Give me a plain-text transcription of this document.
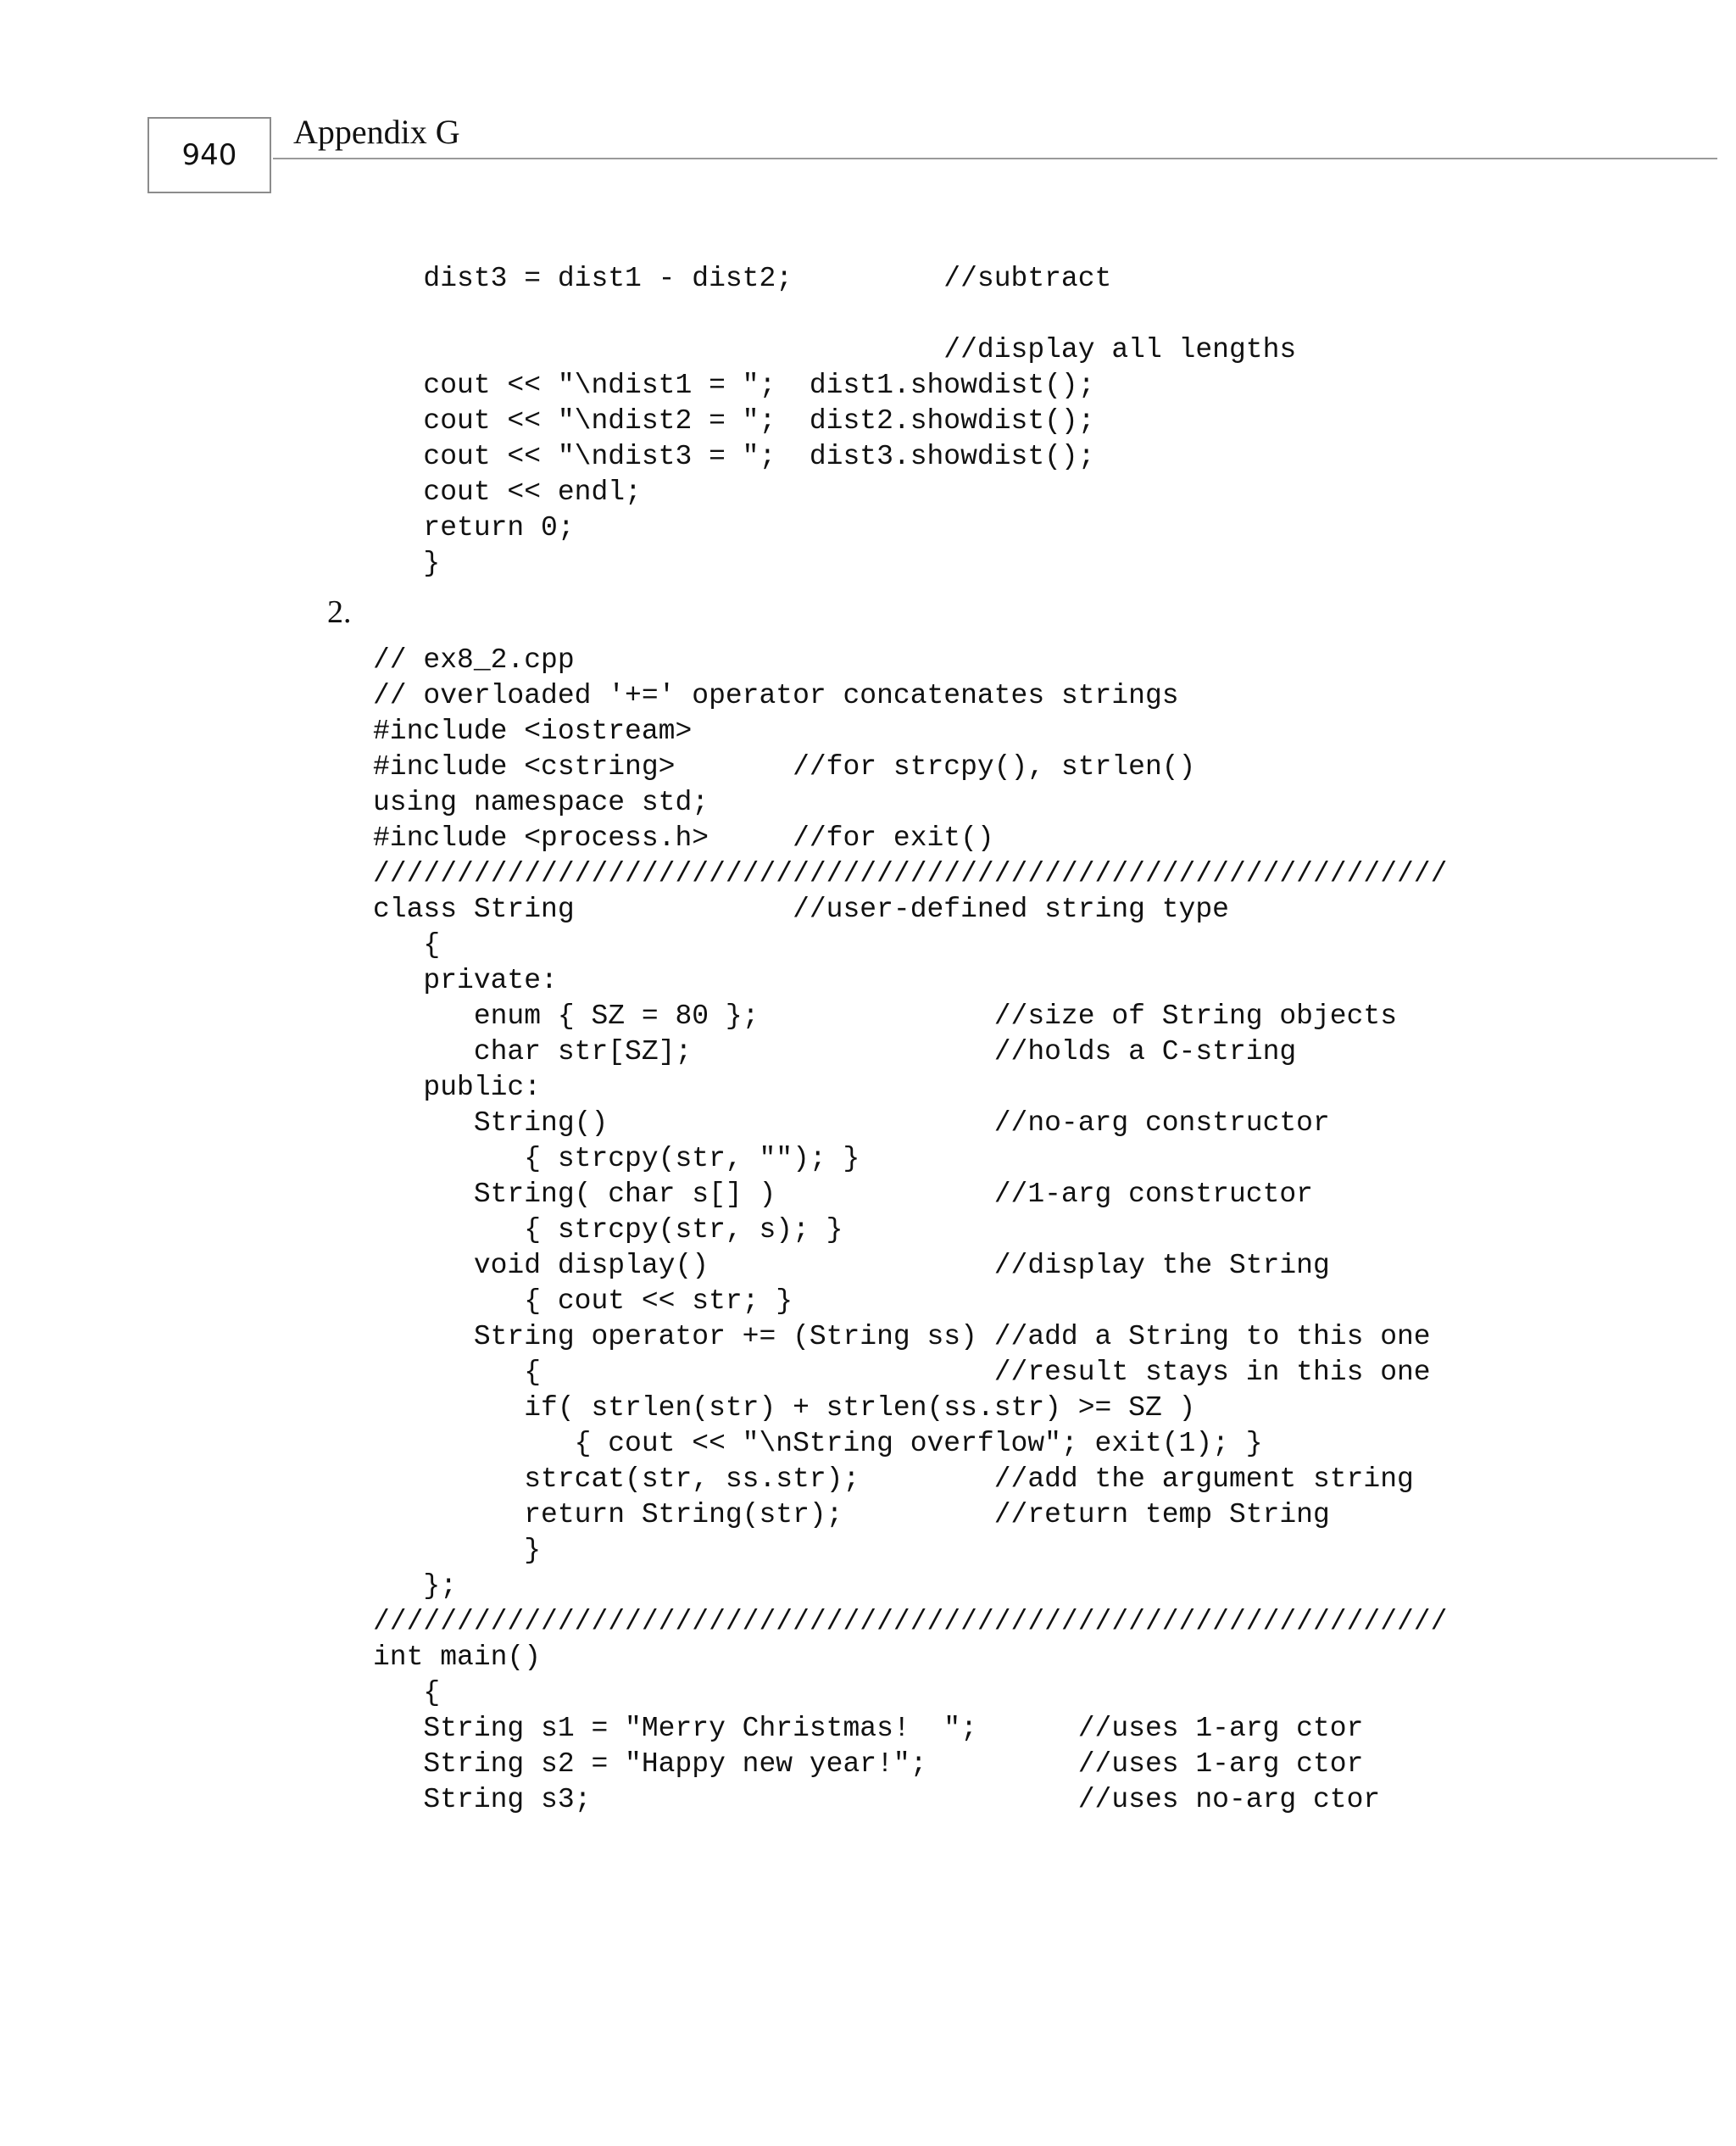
940
Appendix G
dist3 = dist1 - dist2;         //subtract

//display all lengths
cout << "\ndist1 = ";  dist1.showdist();
cout << "\ndist2 = ";  dist2.showdist();
cout << "\ndist3 = ";  dist3.showdist();
cout << endl;
return 0;
}
2.
// ex8_2.cpp
// overloaded '+=' operator concatenates strings
#include <iostream>
#include <cstring>       //for strcpy(), strlen()
using namespace std;
#include <process.h>     //for exit()
////////////////////////////////////////////////////////////////
class String             //user-defined string type
{
private:
enum { SZ = 80 };              //size of String objects
char str[SZ];                  //holds a C-string
public:
String()                       //no-arg constructor
{ strcpy(str, ""); }
String( char s[] )             //1-arg constructor
{ strcpy(str, s); }
void display()                 //display the String
{ cout << str; }
String operator += (String ss) //add a String to this one
{                           //result stays in this one
if( strlen(str) + strlen(ss.str) >= SZ )
{ cout << "\nString overflow"; exit(1); }
strcat(str, ss.str);        //add the argument string
return String(str);         //return temp String
}
};
////////////////////////////////////////////////////////////////
int main()
{
String s1 = "Merry Christmas!  ";      //uses 1-arg ctor
String s2 = "Happy new year!";         //uses 1-arg ctor
String s3;                             //uses no-arg ctor
